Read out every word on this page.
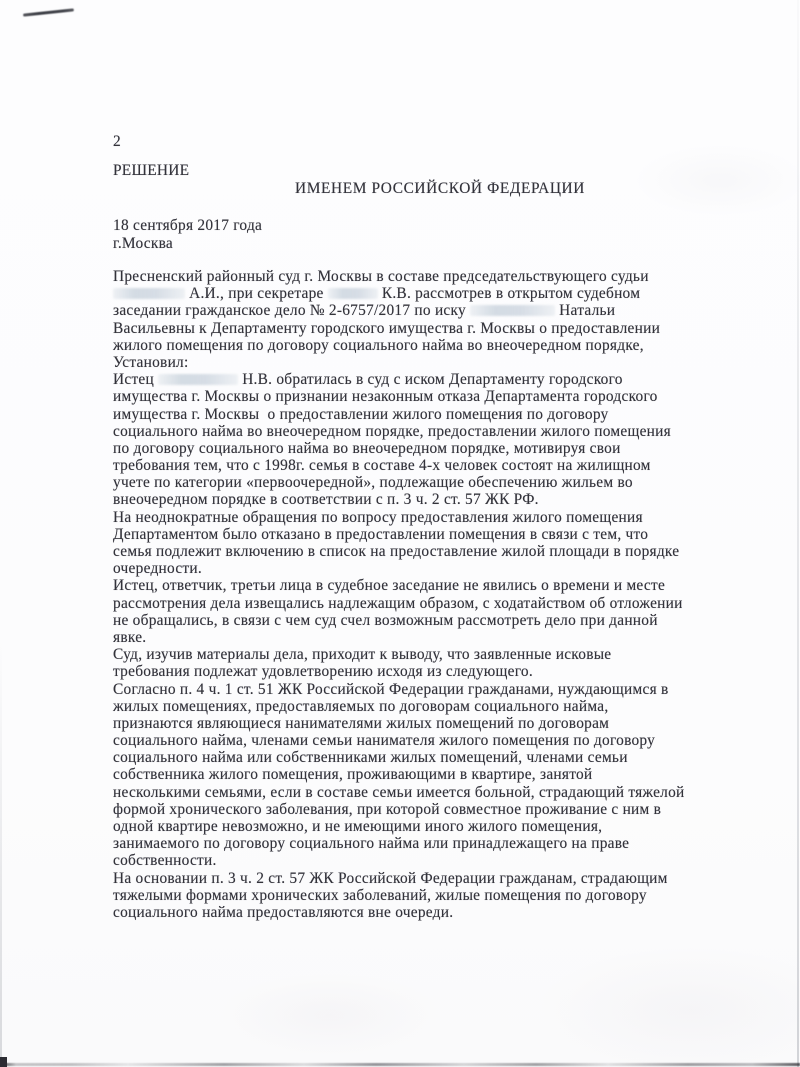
2
РЕШЕНИЕ
ИМЕНЕМ РОССИЙСКОЙ ФЕДЕРАЦИИ
18 сентября 2017 года
г.Москва
Пресненский районный суд г. Москвы в составе председательствующего судьи
А.И., при секретаре	К.В. рассмотрев в открытом судебном
заседании гражданское дело № 2-6757/2017 по иску	Натальи
Васильевны к Департаменту городского имущества г. Москвы о предоставлении
жилого помещения по договору социального найма во внеочередном порядке,
Установил:
Истец	Н.В. обратилась в суд с иском Департаменту городского
имущества г. Москвы о признании незаконным отказа Департамента городского
имущества г. Москвы  о предоставлении жилого помещения по договору
социального найма во внеочередном порядке, предоставлении жилого помещения
по договору социального найма во внеочередном порядке, мотивируя свои
требования тем, что с 1998г. семья в составе 4-х человек состоят на жилищном
учете по категории «первоочередной», подлежащие обеспечению жильем во
внеочередном порядке в соответствии с п. 3 ч. 2 ст. 57 ЖК РФ.
На неоднократные обращения по вопросу предоставления жилого помещения
Департаментом было отказано в предоставлении помещения в связи с тем, что
семья подлежит включению в список на предоставление жилой площади в порядке
очередности.
Истец, ответчик, третьи лица в судебное заседание не явились о времени и месте
рассмотрения дела извещались надлежащим образом, с ходатайством об отложении
не обращались, в связи с чем суд счел возможным рассмотреть дело при данной
явке.
Суд, изучив материалы дела, приходит к выводу, что заявленные исковые
требования подлежат удовлетворению исходя из следующего.
Согласно п. 4 ч. 1 ст. 51 ЖК Российской Федерации гражданами, нуждающимся в
жилых помещениях, предоставляемых по договорам социального найма,
признаются являющиеся нанимателями жилых помещений по договорам
социального найма, членами семьи нанимателя жилого помещения по договору
социального найма или собственниками жилых помещений, членами семьи
собственника жилого помещения, проживающими в квартире, занятой
несколькими семьями, если в составе семьи имеется больной, страдающий тяжелой
формой хронического заболевания, при которой совместное проживание с ним в
одной квартире невозможно, и не имеющими иного жилого помещения,
занимаемого по договору социального найма или принадлежащего на праве
собственности.
На основании п. 3 ч. 2 ст. 57 ЖК Российской Федерации гражданам, страдающим
тяжелыми формами хронических заболеваний, жилые помещения по договору
социального найма предоставляются вне очереди.
